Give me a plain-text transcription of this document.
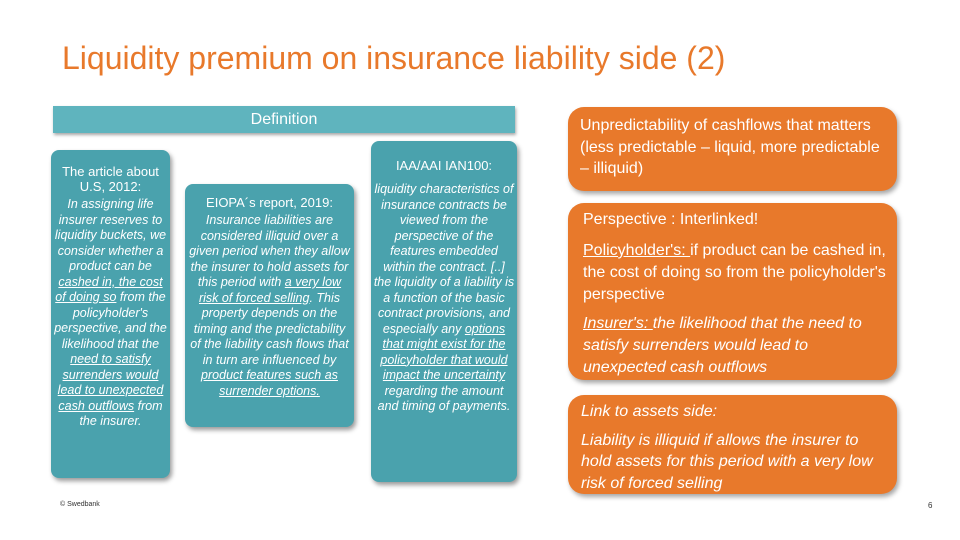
Liquidity premium on insurance liability side (2)
Definition
The article about U.S, 2012:
In assigning life insurer reserves to liquidity buckets, we consider whether a product can be cashed in, the cost of doing so from the policyholder's perspective, and the likelihood that the need to satisfy surrenders would lead to unexpected cash outflows from the insurer.
EIOPA´s report, 2019:
Insurance liabilities are considered illiquid over a given period when they allow the insurer to hold assets for this period with a very low risk of forced selling. This property depends on the timing and the predictability of the liability cash flows that in turn are influenced by product features such as surrender options.
IAA/AAI IAN100:
liquidity characteristics of insurance contracts be viewed from the perspective of the features embedded within the contract. [..] the liquidity of a liability is a function of the basic contract provisions, and especially any options that might exist for the policyholder that would impact the uncertainty regarding the amount and timing of payments.
Unpredictability of cashflows that matters (less predictable – liquid, more predictable – illiquid)
Perspective : Interlinked!
Policyholder's: if product can be cashed in, the cost of doing so from the policyholder's perspective
Insurer's: the likelihood that the need to satisfy surrenders would lead to unexpected cash outflows
Link to assets side:
Liability is illiquid if allows the insurer to hold assets for this period with a very low risk of forced selling
© Swedbank	6
